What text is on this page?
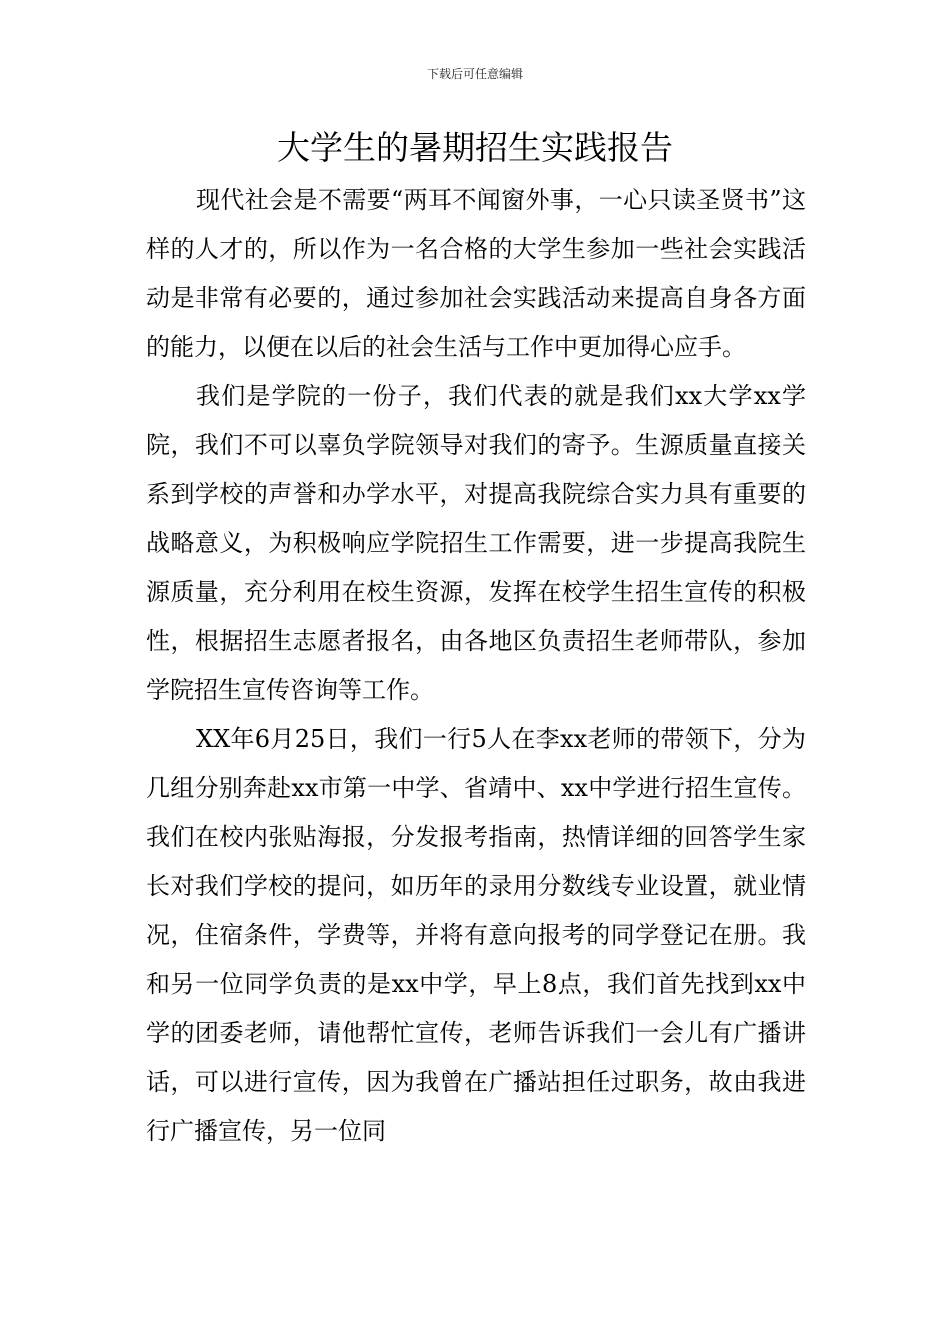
下载后可任意编辑
大学生的暑期招生实践报告

现代社会是不需要“两耳不闻窗外事，一心只读圣贤书”这样的人才的，所以作为一名合格的大学生参加一些社会实践活动是非常有必要的，通过参加社会实践活动来提高自身各方面的能力，以便在以后的社会生活与工作中更加得心应手。

我们是学院的一份子，我们代表的就是我们xx大学xx学院，我们不可以辜负学院领导对我们的寄予。生源质量直接关系到学校的声誉和办学水平，对提高我院综合实力具有重要的战略意义，为积极响应学院招生工作需要，进一步提高我院生源质量，充分利用在校生资源，发挥在校学生招生宣传的积极性，根据招生志愿者报名，由各地区负责招生老师带队，参加学院招生宣传咨询等工作。

XX年6月25日，我们一行5人在李xx老师的带领下，分为几组分别奔赴xx市第一中学、省靖中、xx中学进行招生宣传。我们在校内张贴海报，分发报考指南，热情详细的回答学生家长对我们学校的提问，如历年的录用分数线专业设置，就业情况，住宿条件，学费等，并将有意向报考的同学登记在册。我和另一位同学负责的是xx中学，早上8点，我们首先找到xx中学的团委老师，请他帮忙宣传，老师告诉我们一会儿有广播讲话，可以进行宣传，因为我曾在广播站担任过职务，故由我进行广播宣传，另一位同
